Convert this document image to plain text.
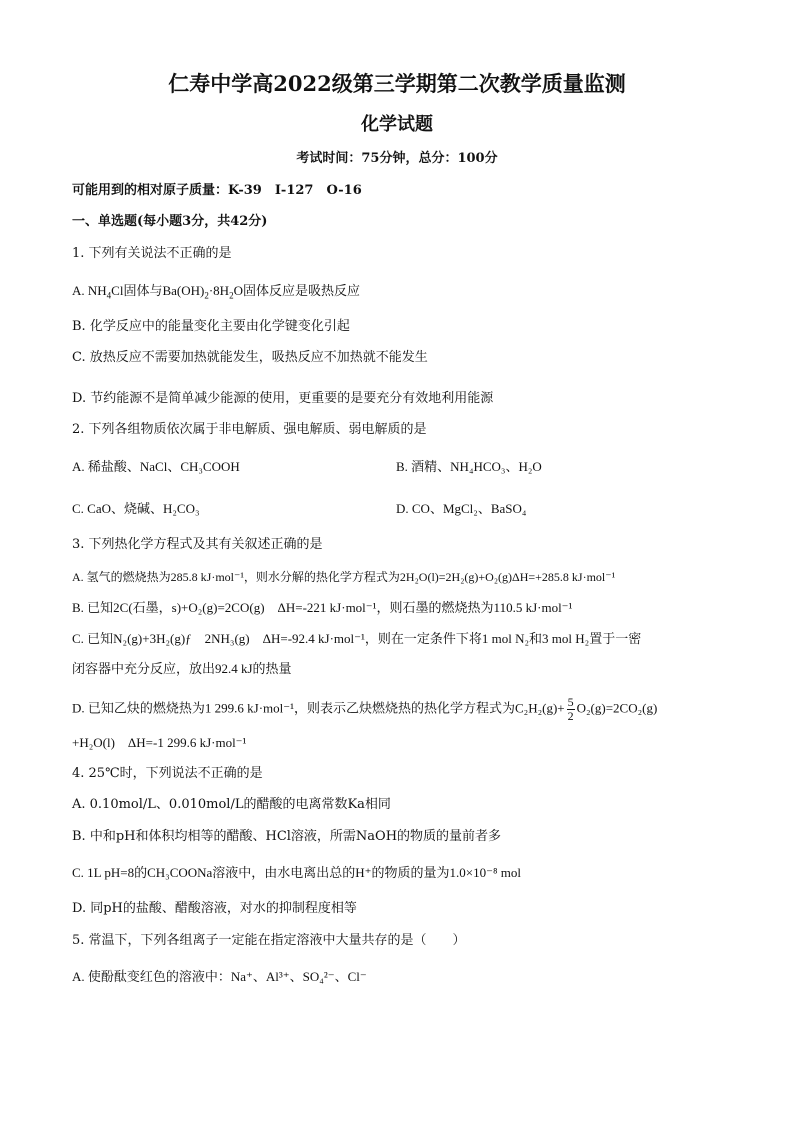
仁寿中学高2022级第三学期第二次教学质量监测
化学试题
考试时间：75分钟，总分：100分
可能用到的相对原子质量：K-39　I-127　O-16
一、单选题(每小题3分，共42分)
1. 下列有关说法不正确的是
A. $NH_4Cl$固体与$Ba(OH)_2\cdot 8H_2O$固体反应是吸热反应
B. 化学反应中的能量变化主要由化学键变化引起
C. 放热反应不需要加热就能发生，吸热反应不加热就不能发生
D. 节约能源不是简单减少能源的使用，更重要的是要充分有效地利用能源
2. 下列各组物质依次属于非电解质、强电解质、弱电解质的是
A. 稀盐酸、NaCl、CH₃COOH	B. 酒精、NH₄HCO₃、H₂O
C. CaO、烧碱、H₂CO₃	D. CO、MgCl₂、BaSO₄
3. 下列热化学方程式及其有关叙述正确的是
A. 氢气的燃烧热为285.8 kJ·mol⁻¹，则水分解的热化学方程式为2H₂O(l)=2H₂(g)+O₂(g)ΔH=+285.8 kJ·mol⁻¹
B. 已知2C(石墨，s)+O₂(g)=2CO(g)　ΔH=-221 kJ·mol⁻¹，则石墨的燃烧热为110.5 kJ·mol⁻¹
C. 已知N₂(g)+3H₂(g)ƒ　2NH₃(g)　ΔH=-92.4 kJ·mol⁻¹，则在一定条件下将1 mol N₂和3 mol H₂置于一密
闭容器中充分反应，放出92.4 kJ的热量
D. 已知乙炔的燃烧热为1 299.6 kJ·mol⁻¹，则表示乙炔燃烧热的热化学方程式为$C_2H_2(g)+ \frac{5}{2} O_2(g)=2CO_2(g)$
+H₂O(l)　ΔH=-1 299.6 kJ·mol⁻¹
4. 25℃时，下列说法不正确的是
A. 0.10mol/L、0.010mol/L的醋酸的电离常数Ka相同
B. 中和pH和体积均相等的醋酸、HCl溶液，所需NaOH的物质的量前者多
C. 1L pH=8的CH₃COONa溶液中，由水电离出总的H⁺的物质的量为1.0×10⁻⁸ mol
D. 同pH的盐酸、醋酸溶液，对水的抑制程度相等
5. 常温下，下列各组离子一定能在指定溶液中大量共存的是（　　）
A. 使酚酞变红色的溶液中：Na⁺、Al³⁺、SO₄²⁻、Cl⁻
